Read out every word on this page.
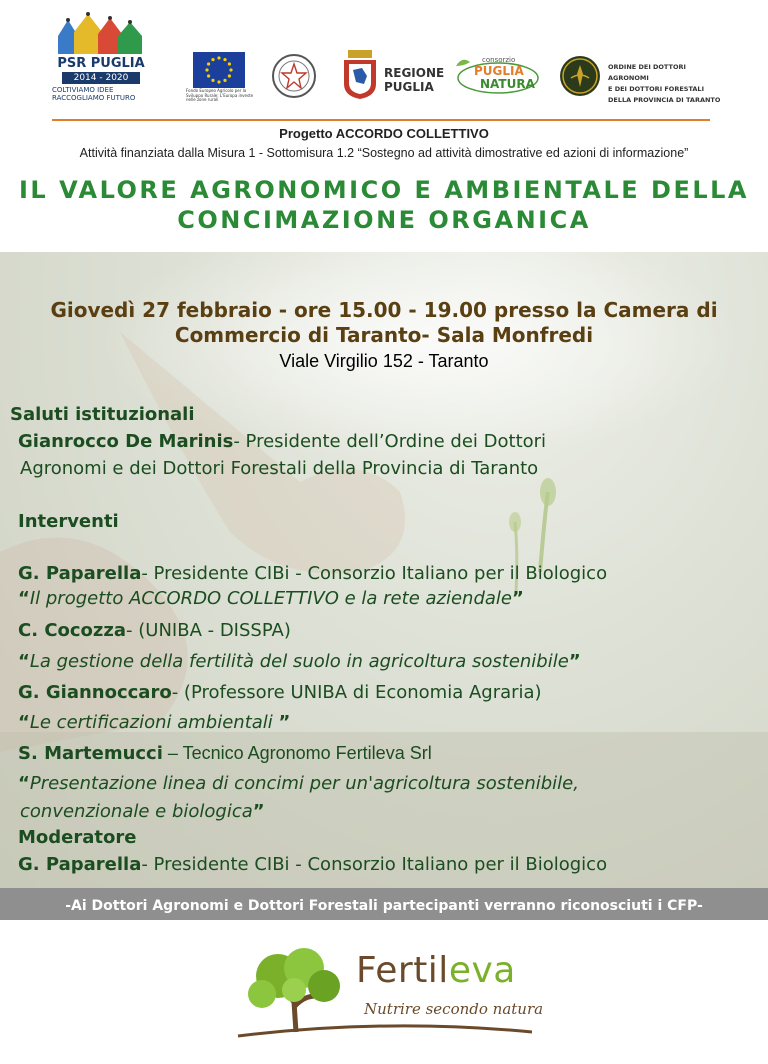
PSR PUGLIA
2014 - 2020
COLTIVIAMO IDEE
RACCOGLIAMO FUTURO
Fondo Europeo Agricolo per lo Sviluppo Rurale: L'Europa investe nelle zone rurali
REGIONE
PUGLIA
consorzio
PUGLIA
NATURA
ORDINE DEI DOTTORI AGRONOMI
E DEI DOTTORI FORESTALI
DELLA PROVINCIA DI TARANTO
Progetto ACCORDO COLLETTIVO
Attività finanziata dalla Misura 1 - Sottomisura 1.2 “Sostegno ad attività dimostrative ed azioni di informazione”
IL VALORE AGRONOMICO E AMBIENTALE DELLA
CONCIMAZIONE ORGANICA
Giovedì 27 febbraio - ore 15.00 - 19.00 presso la Camera di
Commercio di Taranto- Sala Monfredi
Viale Virgilio 152 - Taranto
Saluti istituzionali
Gianrocco De Marinis- Presidente dell’Ordine dei Dottori
Agronomi e dei Dottori Forestali della Provincia di Taranto
Interventi
G. Paparella- Presidente CIBi - Consorzio Italiano per il Biologico
“Il progetto ACCORDO COLLETTIVO e la rete aziendale”
C. Cocozza- (UNIBA - DISSPA)
“La gestione della fertilità del suolo in agricoltura sostenibile”
G. Giannoccaro- (Professore UNIBA di Economia Agraria)
“Le certificazioni ambientali ”
S. Martemucci – Tecnico Agronomo Fertileva Srl
“Presentazione linea di concimi per un'agricoltura sostenibile,
convenzionale e biologica”
Moderatore
G. Paparella- Presidente CIBi - Consorzio Italiano per il Biologico
-Ai Dottori Agronomi e Dottori Forestali partecipanti verranno riconosciuti i CFP-
Fertileva
Nutrire secondo natura
